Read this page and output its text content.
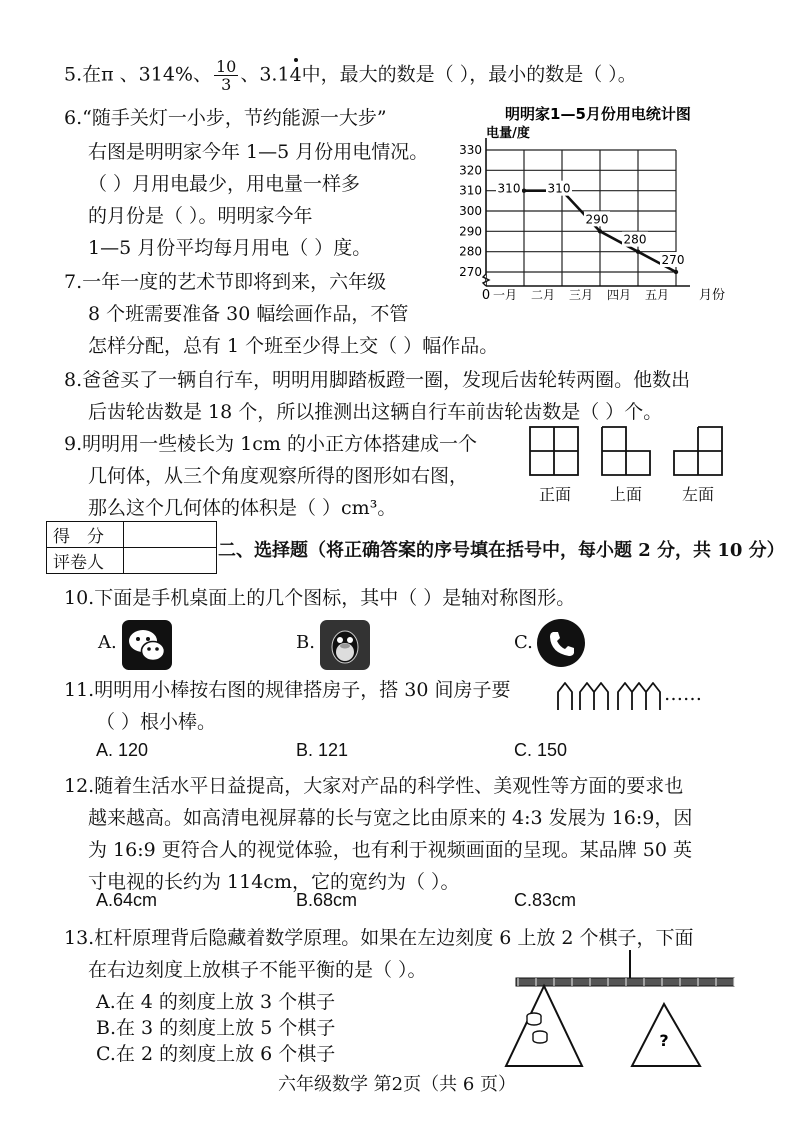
5.在π 、314%、 $\frac{10}{3}$ 、3.14中，最大的数是（ ），最小的数是（ ）。
6.“随手关灯一小步，节约能源一大步”
右图是明明家今年 1—5 月份用电情况。
（ ）月用电最少，用电量一样多
的月份是（ ）。明明家今年
1—5 月份平均每月用电（ ）度。
明明家1—5月份用电统计图
电量/度
270
280
290
300
310
320
330
一月 二月 三月 四月 五月
310 310
290
280
270
0	月份
7.一年一度的艺术节即将到来，六年级
8 个班需要准备 30 幅绘画作品，不管
怎样分配，总有 1 个班至少得上交（ ）幅作品。
8.爸爸买了一辆自行车，明明用脚踏板蹬一圈，发现后齿轮转两圈。他数出
后齿轮齿数是 18 个，所以推测出这辆自行车前齿轮齿数是（ ）个。
9.明明用一些棱长为 1cm 的小正方体搭建成一个
几何体，从三个角度观察所得的图形如右图，
那么这个几何体的体积是（ ）cm³。
正面 上面 左面
得　分	
评卷人	
二、选择题（将正确答案的序号填在括号中，每小题 2 分，共 10 分）
10.下面是手机桌面上的几个图标，其中（ ）是轴对称图形。
A.	B.	C.
11.明明用小棒按右图的规律搭房子，搭 30 间房子要
（ ）根小棒。
……
A. 120	B. 121	C. 150
12.随着生活水平日益提高，大家对产品的科学性、美观性等方面的要求也
越来越高。如高清电视屏幕的长与宽之比由原来的 4:3 发展为 16:9，因
为 16:9 更符合人的视觉体验，也有利于视频画面的呈现。某品牌 50 英
寸电视的长约为 114cm，它的宽约为（ ）。
A.64cm	B.68cm	C.83cm
13.杠杆原理背后隐藏着数学原理。如果在左边刻度 6 上放 2 个棋子，下面
在右边刻度上放棋子不能平衡的是（ ）。
A.在 4 的刻度上放 3 个棋子
B.在 3 的刻度上放 5 个棋子
C.在 2 的刻度上放 6 个棋子
?
六年级数学 第2页（共 6 页）
